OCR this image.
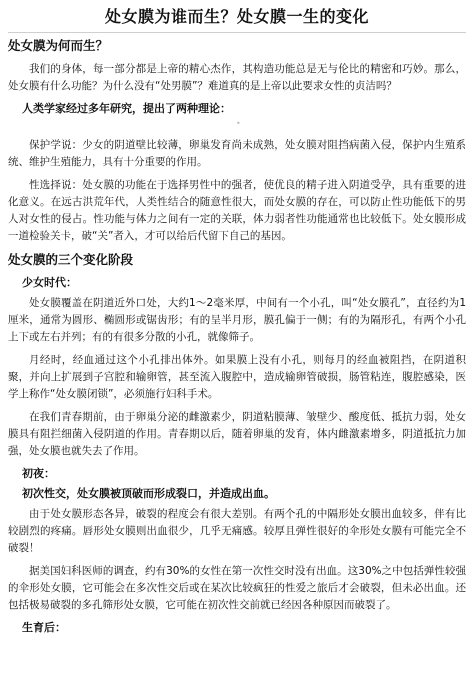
处女膜为谁而生？处女膜一生的变化
处女膜为何而生？
我们的身体，每一部分都是上帝的精心杰作，其构造功能总是无与伦比的精密和巧妙。那么，处女膜有什么功能？为什么没有“处男膜”？难道真的是上帝以此要求女性的贞洁吗？
人类学家经过多年研究，提出了两种理论：
•
保护学说：少女的阴道壁比较薄，卵巢发育尚未成熟，处女膜对阻挡病菌入侵，保护内生殖系统、维护生殖能力，具有十分重要的作用。
性选择说：处女膜的功能在于选择男性中的强者，使优良的精子进入阴道受孕，具有重要的进化意义。在远古洪荒年代，人类性结合的随意性很大，而处女膜的存在，可以防止性功能低下的男人对女性的侵占。性功能与体力之间有一定的关联，体力弱者性功能通常也比较低下。处女膜形成一道检验关卡，破“关”者入，才可以给后代留下自己的基因。
处女膜的三个变化阶段
少女时代：
处女膜覆盖在阴道近外口处，大约1～2毫米厚，中间有一个小孔，叫“处女膜孔”，直径约为1厘米，通常为圆形、椭圆形或锯齿形；有的呈半月形，膜孔偏于一侧；有的为隔形孔，有两个小孔上下或左右并列；有的有很多分散的小孔，就像筛子。
月经时，经血通过这个小孔排出体外。如果膜上没有小孔，则每月的经血被阻挡，在阴道积聚，并向上扩展到子宫腔和输卵管，甚至流入腹腔中，造成输卵管破损，肠管粘连，腹腔感染，医学上称作“处女膜闭锁”，必须施行妇科手术。
在我们青春期前，由于卵巢分泌的雌激素少，阴道粘膜薄、皱壁少、酸度低、抵抗力弱，处女膜具有阻拦细菌入侵阴道的作用。青春期以后，随着卵巢的发育，体内雌激素增多，阴道抵抗力加强，处女膜也就失去了作用。
初夜：
初次性交，处女膜被顶破而形成裂口，并造成出血。
由于处女膜形态各异，破裂的程度会有很大差别。有两个孔的中隔形处女膜出血较多，伴有比较剧烈的疼痛。唇形处女膜则出血很少，几乎无痛感。较厚且弹性很好的伞形处女膜有可能完全不破裂！
据美国妇科医师的调查，约有30%的女性在第一次性交时没有出血。这30%之中包括弹性较强的伞形处女膜，它可能会在多次性交后或在某次比较疯狂的性爱之旅后才会破裂，但未必出血。还包括极易破裂的多孔筛形处女膜，它可能在初次性交前就已经因各种原因而破裂了。
生育后：
